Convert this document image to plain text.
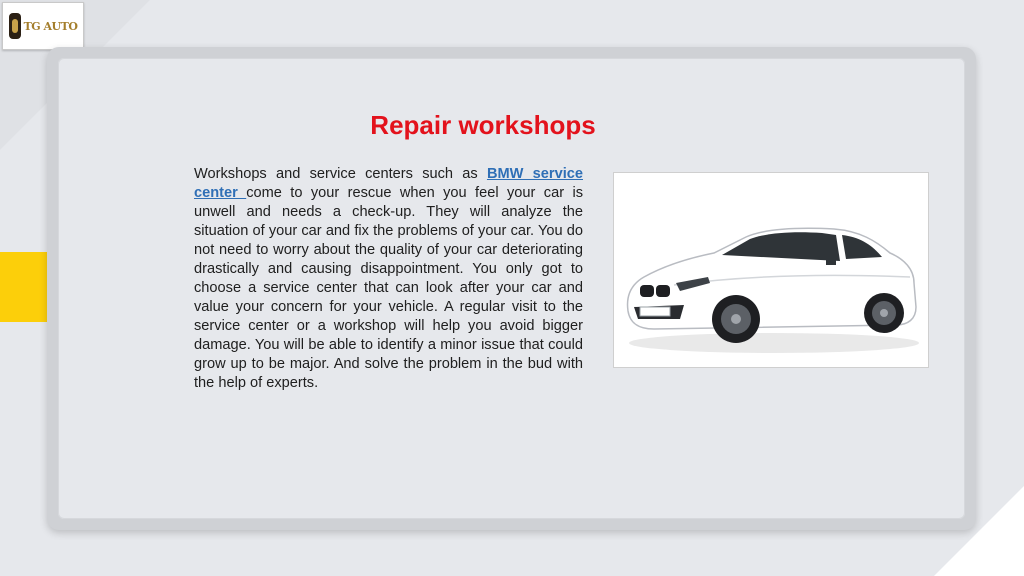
TG AUTO
Repair workshops
Workshops and service centers such as BMW service center come to your rescue when you feel your car is unwell and needs a check-up. They will analyze the situation of your car and fix the problems of your car. You do not need to worry about the quality of your car deteriorating drastically and causing disappointment. You only got to choose a service center that can look after your car and value your concern for your vehicle. A regular visit to the service center or a workshop will help you avoid bigger damage. You will be able to identify a minor issue that could grow up to be major. And solve the problem in the bud with the help of experts.
